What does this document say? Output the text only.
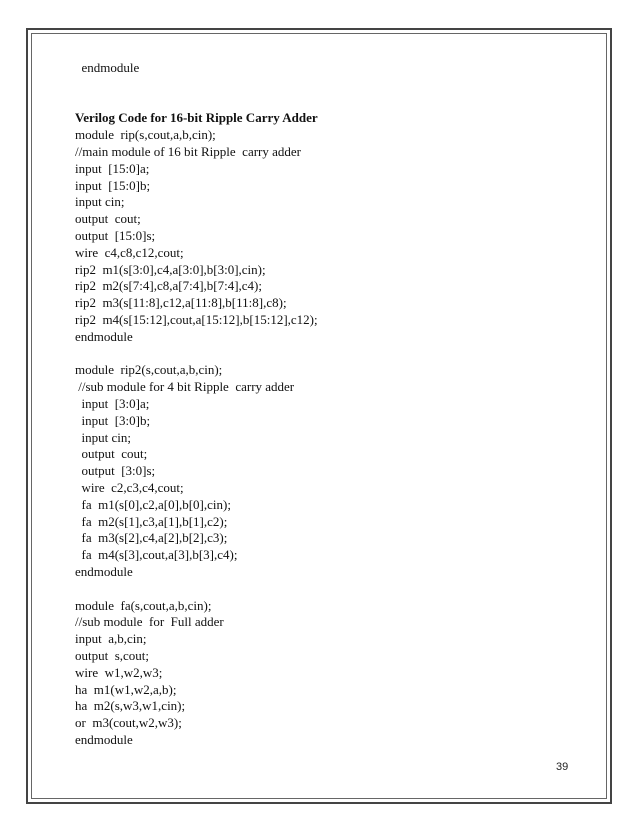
endmodule
Verilog Code for 16-bit Ripple Carry Adder
module  rip(s,cout,a,b,cin);
//main module of 16 bit Ripple  carry adder
input  [15:0]a;
input  [15:0]b;
input cin;
output  cout;
output  [15:0]s;
wire  c4,c8,c12,cout;
rip2  m1(s[3:0],c4,a[3:0],b[3:0],cin);
rip2  m2(s[7:4],c8,a[7:4],b[7:4],c4);
rip2  m3(s[11:8],c12,a[11:8],b[11:8],c8);
rip2  m4(s[15:12],cout,a[15:12],b[15:12],c12);
endmodule
module  rip2(s,cout,a,b,cin);
//sub module for 4 bit Ripple  carry adder
input  [3:0]a;
input  [3:0]b;
input cin;
output  cout;
output  [3:0]s;
wire  c2,c3,c4,cout;
fa  m1(s[0],c2,a[0],b[0],cin);
fa  m2(s[1],c3,a[1],b[1],c2);
fa  m3(s[2],c4,a[2],b[2],c3);
fa  m4(s[3],cout,a[3],b[3],c4);
endmodule
module  fa(s,cout,a,b,cin);
//sub module  for  Full adder
input  a,b,cin;
output  s,cout;
wire  w1,w2,w3;
ha  m1(w1,w2,a,b);
ha  m2(s,w3,w1,cin);
or  m3(cout,w2,w3);
endmodule
39
